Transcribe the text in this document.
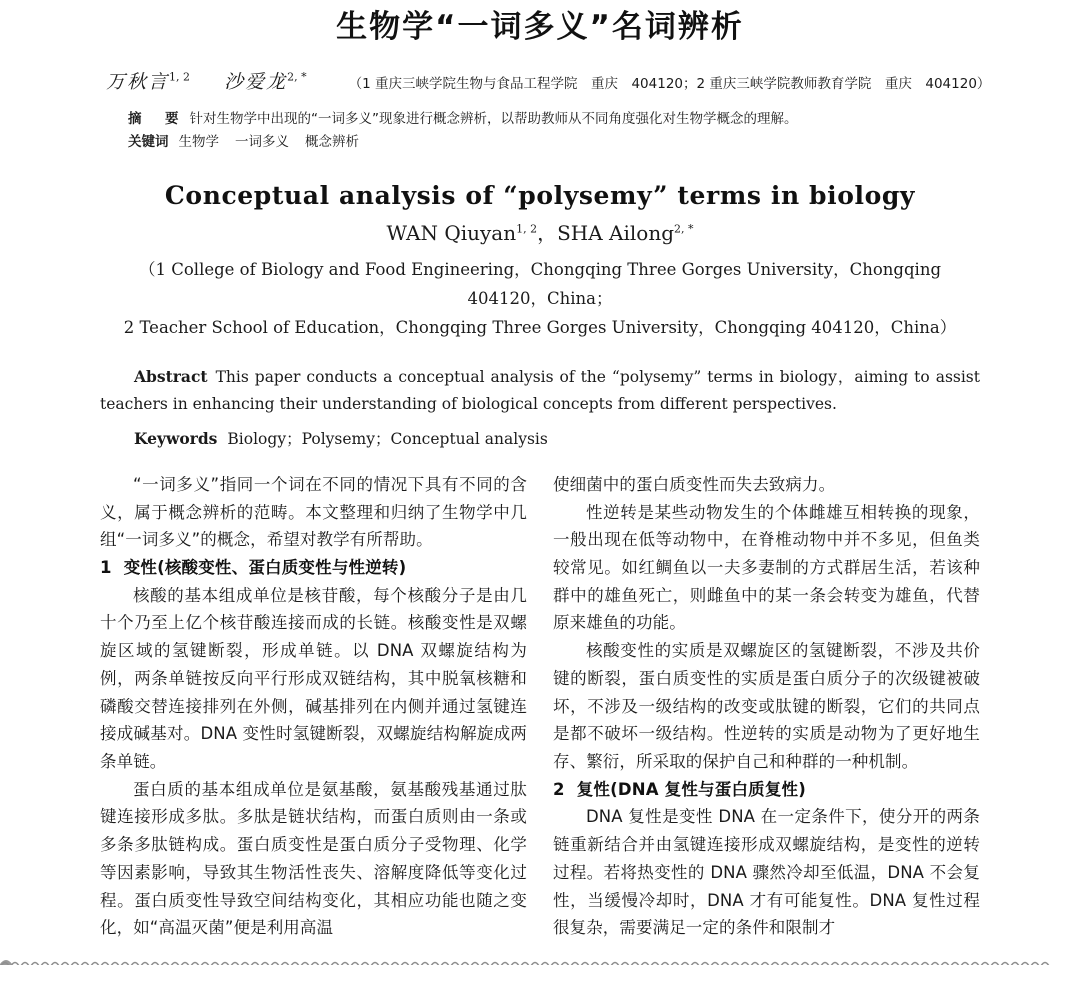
生物学“一词多义”名词辨析
万秋言$^{1, 2}$ 沙爱龙$^{2, *}$	（1 重庆三峡学院生物与食品工程学院　重庆　404120；2 重庆三峡学院教师教育学院　重庆　404120）
摘　要 针对生物学中出现的“一词多义”现象进行概念辨析，以帮助教师从不同角度强化对生物学概念的理解。
关键词 生物学 一词多义 概念辨析
Conceptual analysis of “polysemy” terms in biology
WAN Qiuyan$^{1, 2}$，SHA Ailong$^{2, *}$
（1 College of Biology and Food Engineering，Chongqing Three Gorges University，Chongqing 404120，China；
2 Teacher School of Education，Chongqing Three Gorges University，Chongqing 404120，China）
Abstract This paper conducts a conceptual analysis of the “polysemy” terms in biology，aiming to assist teachers in enhancing their understanding of biological concepts from different perspectives.
Keywords Biology；Polysemy；Conceptual analysis

“一词多义”指同一个词在不同的情况下具有不同的含义，属于概念辨析的范畴。本文整理和归纳了生物学中几组“一词多义”的概念，希望对教学有所帮助。

1 变性(核酸变性、蛋白质变性与性逆转)

核酸的基本组成单位是核苷酸，每个核酸分子是由几十个乃至上亿个核苷酸连接而成的长链。核酸变性是双螺旋区域的氢键断裂，形成单链。以 DNA 双螺旋结构为例，两条单链按反向平行形成双链结构，其中脱氧核糖和磷酸交替连接排列在外侧，碱基排列在内侧并通过氢键连接成碱基对。DNA 变性时氢键断裂，双螺旋结构解旋成两条单链。

蛋白质的基本组成单位是氨基酸，氨基酸残基通过肽键连接形成多肽。多肽是链状结构，而蛋白质则由一条或多条多肽链构成。蛋白质变性是蛋白质分子受物理、化学等因素影响，导致其生物活性丧失、溶解度降低等变化过程。蛋白质变性导致空间结构变化，其相应功能也随之变化，如“高温灭菌”便是利用高温

使细菌中的蛋白质变性而失去致病力。

性逆转是某些动物发生的个体雌雄互相转换的现象，一般出现在低等动物中，在脊椎动物中并不多见，但鱼类较常见。如红鲷鱼以一夫多妻制的方式群居生活，若该种群中的雄鱼死亡，则雌鱼中的某一条会转变为雄鱼，代替原来雄鱼的功能。

核酸变性的实质是双螺旋区的氢键断裂，不涉及共价键的断裂，蛋白质变性的实质是蛋白质分子的次级键被破坏，不涉及一级结构的改变或肽键的断裂，它们的共同点是都不破坏一级结构。性逆转的实质是动物为了更好地生存、繁衍，所采取的保护自己和种群的一种机制。

2 复性(DNA 复性与蛋白质复性)

DNA 复性是变性 DNA 在一定条件下，使分开的两条链重新结合并由氢键连接形成双螺旋结构，是变性的逆转过程。若将热变性的 DNA 骤然冷却至低温，DNA 不会复性，当缓慢冷却时，DNA 才有可能复性。DNA 复性过程很复杂，需要满足一定的条件和限制才
